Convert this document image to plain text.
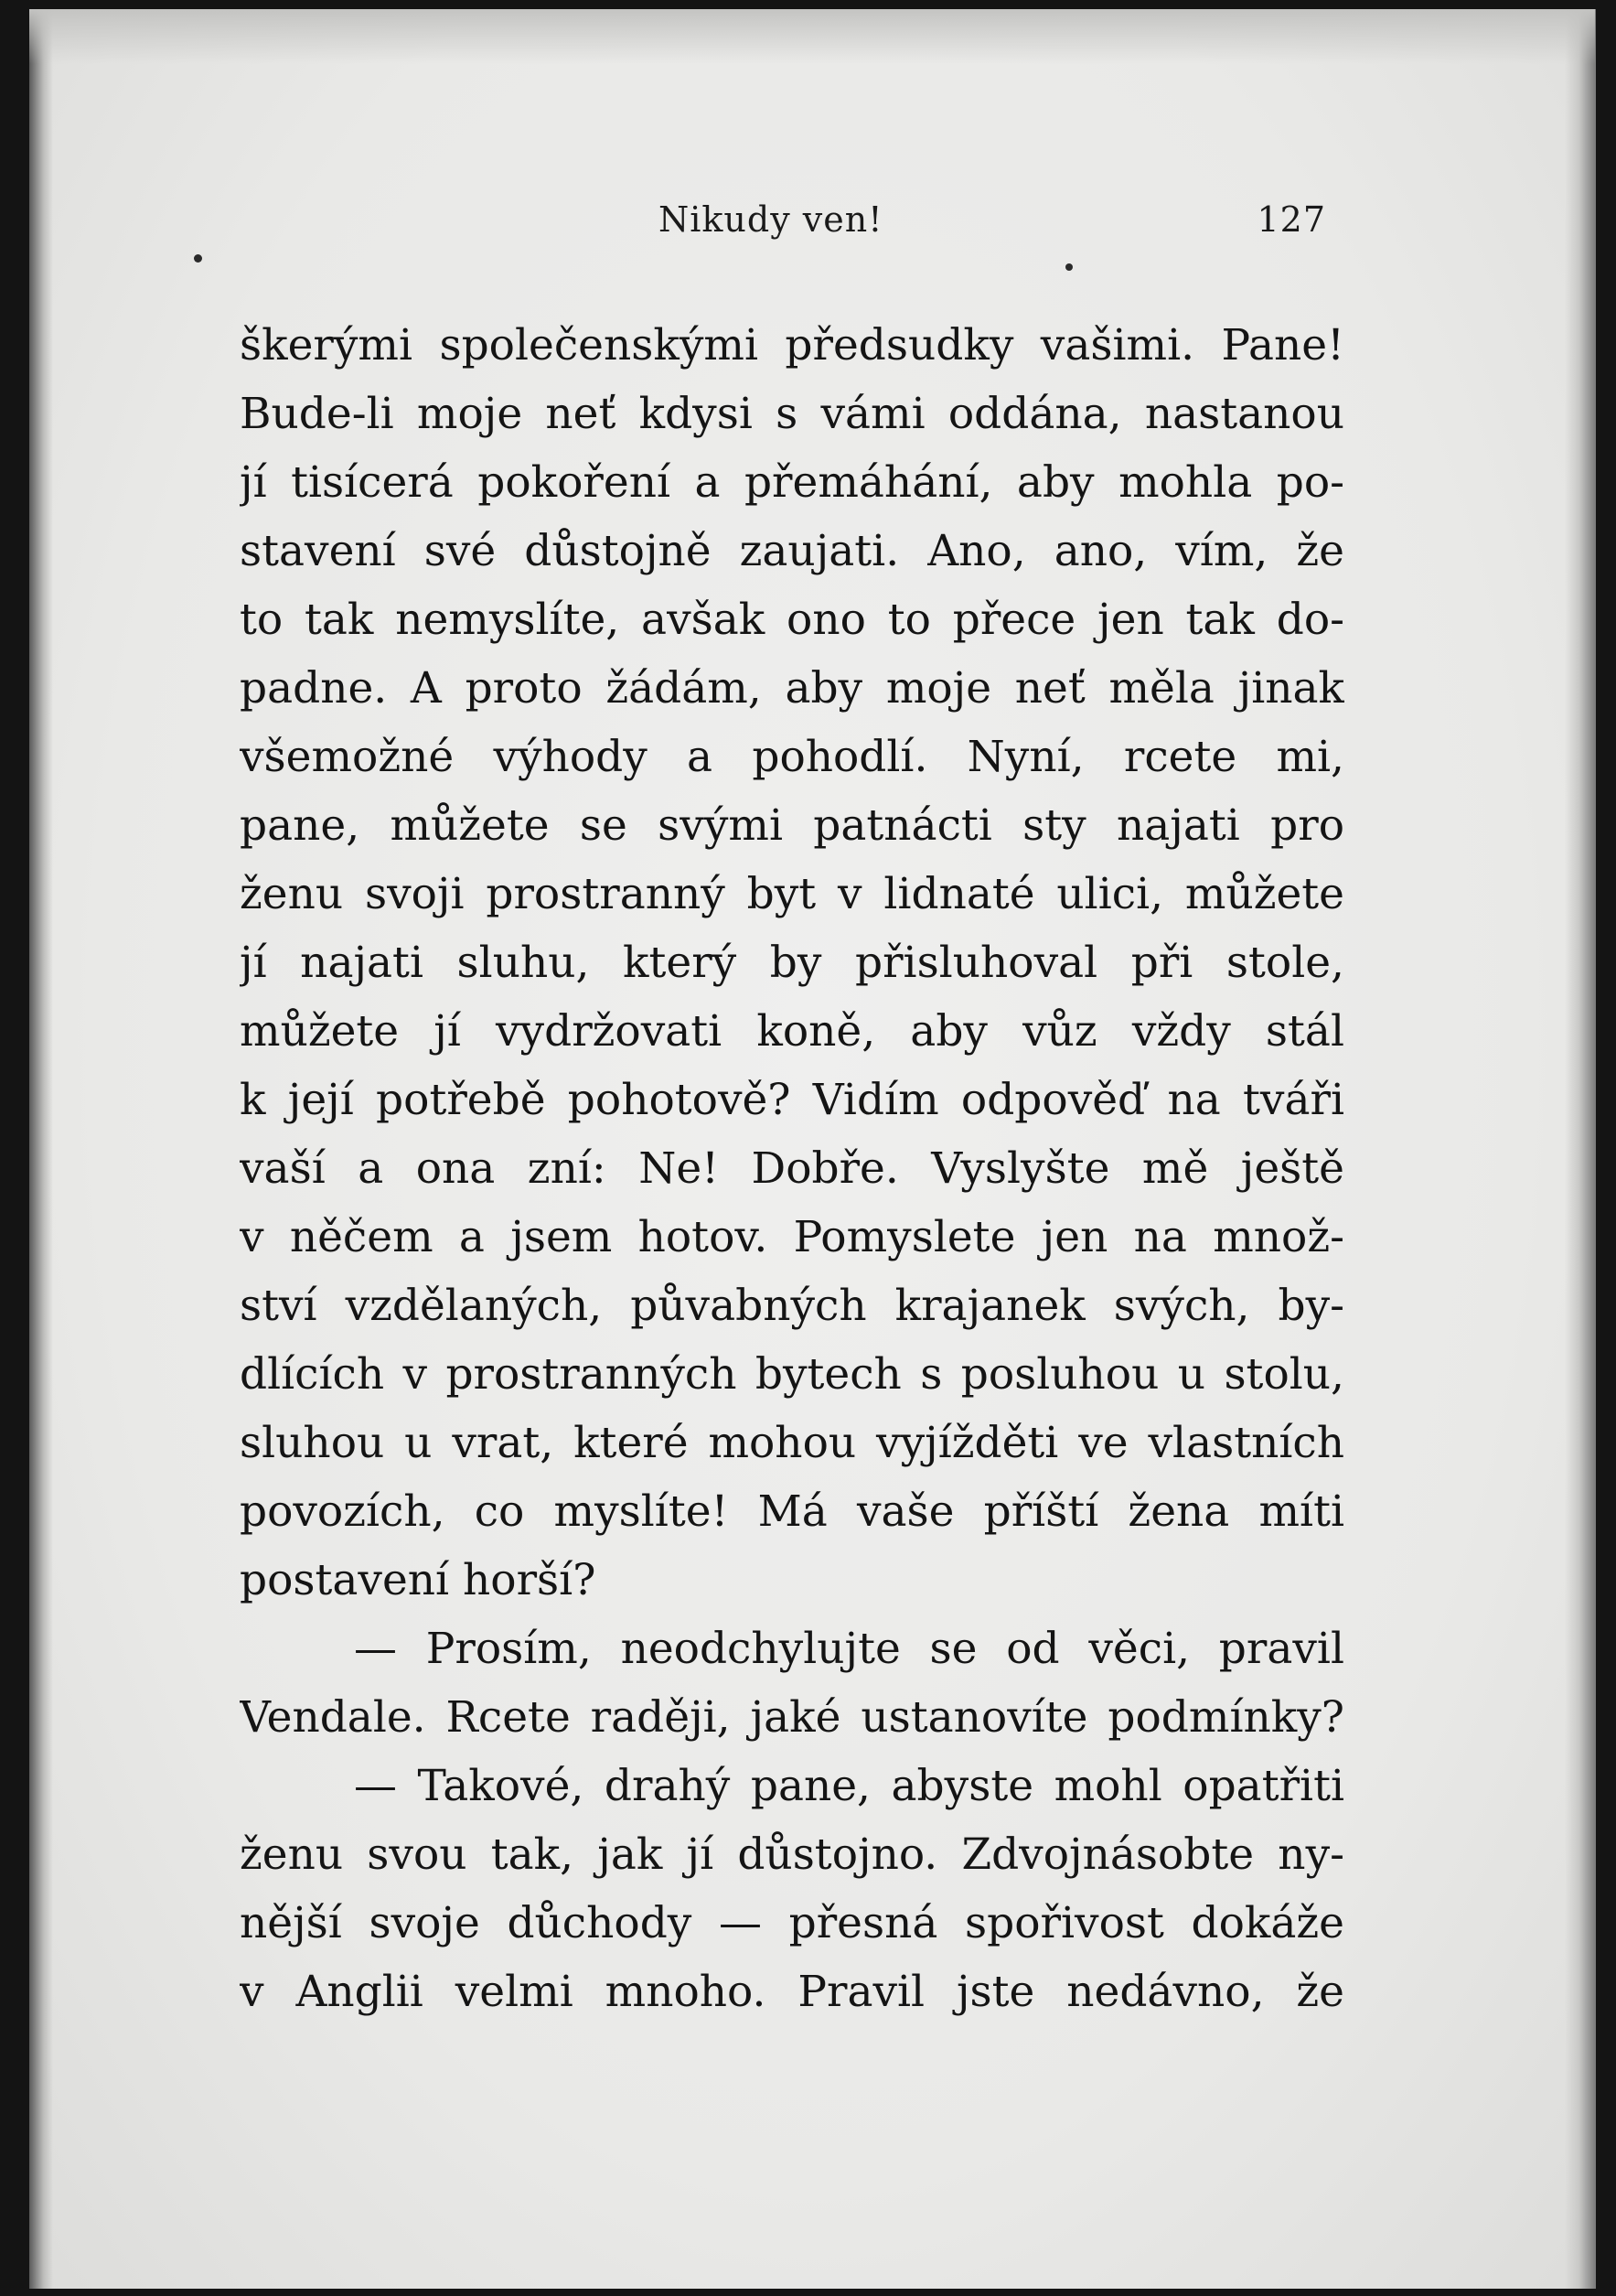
Nikudy ven!	127
škerými společenskými předsudky vašimi. Pane!
Bude-li moje neť kdysi s vámi oddána, nastanou
jí tisícerá pokoření a přemáhání, aby mohla po-
stavení své důstojně zaujati. Ano, ano, vím, že
to tak nemyslíte, avšak ono to přece jen tak do-
padne. A proto žádám, aby moje neť měla jinak
všemožné výhody a pohodlí. Nyní, rcete mi,
pane, můžete se svými patnácti sty najati pro
ženu svoji prostranný byt v lidnaté ulici, můžete
jí najati sluhu, který by přisluhoval při stole,
můžete jí vydržovati koně, aby vůz vždy stál
k její potřebě pohotově? Vidím odpověď na tváři
vaší a ona zní: Ne! Dobře. Vyslyšte mě ještě
v něčem a jsem hotov. Pomyslete jen na množ-
ství vzdělaných, půvabných krajanek svých, by-
dlících v prostranných bytech s posluhou u stolu,
sluhou u vrat, které mohou vyjížděti ve vlastních
povozích, co myslíte! Má vaše příští žena míti
postavení horší?
— Prosím, neodchylujte se od věci, pravil
Vendale. Rcete raději, jaké ustanovíte podmínky?
— Takové, drahý pane, abyste mohl opatřiti
ženu svou tak, jak jí důstojno. Zdvojnásobte ny-
nější svoje důchody — přesná spořivost dokáže
v Anglii velmi mnoho. Pravil jste nedávno, že
